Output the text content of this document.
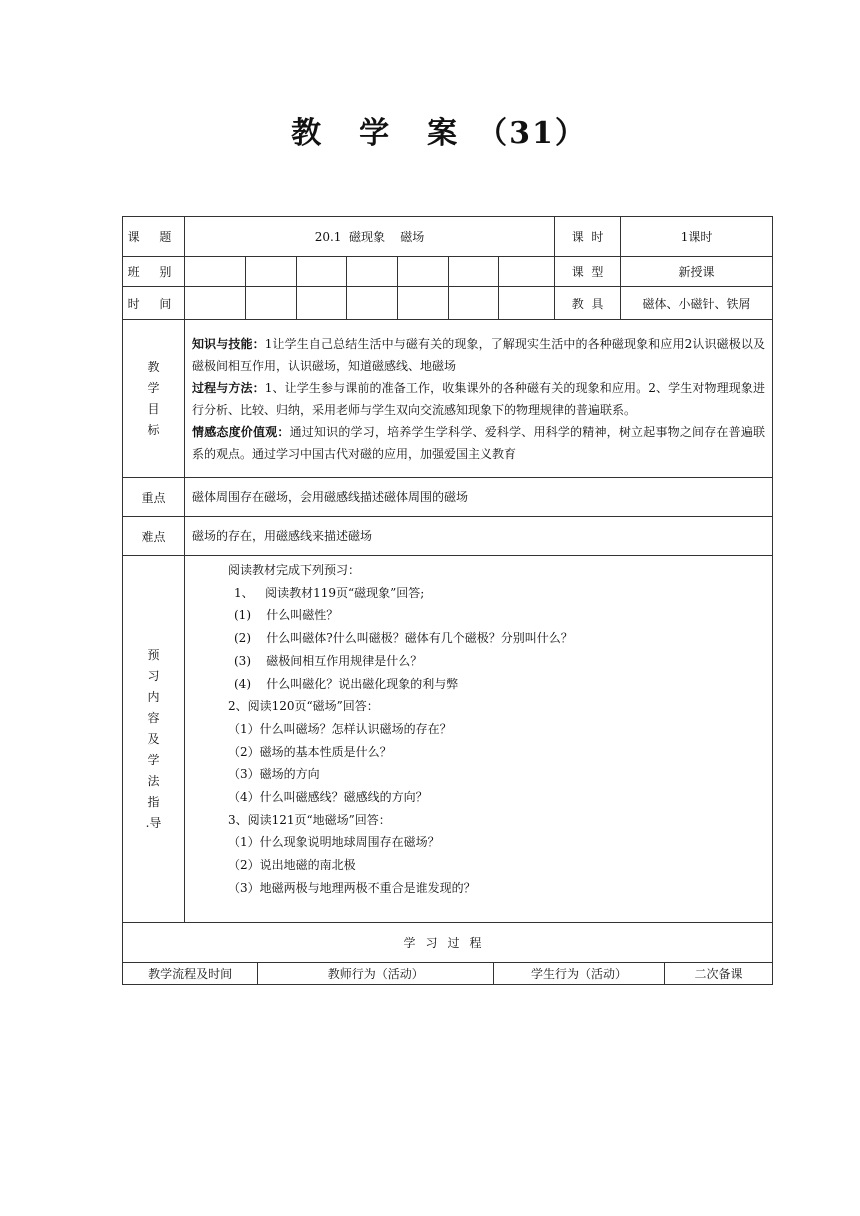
教 学 案 （31）
课 题	20.1  磁现象    磁场	课  时	1课时
班 别								课  型	新授课
时 间								教  具	磁体、小磁针、铁屑

教
学
目
标
	知识与技能：1让学生自己总结生活中与磁有关的现象，了解现实生活中的各种磁现象和应用2认识磁极以及磁极间相互作用，认识磁场，知道磁感线、地磁场
过程与方法：1、让学生参与课前的准备工作，收集课外的各种磁有关的现象和应用。2、学生对物理现象进行分析、比较、归纳，采用老师与学生双向交流感知现象下的物理规律的普遍联系。
情感态度价值观：通过知识的学习，培养学生学科学、爱科学、用科学的精神，树立起事物之间存在普遍联系的观点。通过学习中国古代对磁的应用，加强爱国主义教育
重点	磁体周围存在磁场，会用磁感线描述磁体周围的磁场
难点	磁场的存在，用磁感线来描述磁场

预
习
内
容
及
学
法
指
.导

阅读教材完成下列预习：
1、   阅读教材119页“磁现象”回答;
(1)    什么叫磁性？
(2)    什么叫磁体?什么叫磁极？磁体有几个磁极？分别叫什么？
(3)    磁极间相互作用规律是什么？
(4)    什么叫磁化？说出磁化现象的利与弊
2、阅读120页“磁场”回答：
（1）什么叫磁场？怎样认识磁场的存在？
（2）磁场的基本性质是什么？
（3）磁场的方向
（4）什么叫磁感线？磁感线的方向？
3、阅读121页“地磁场”回答：
（1）什么现象说明地球周围存在磁场？
（2）说出地磁的南北极
（3）地磁两极与地理两极不重合是谁发现的？

学习过程

教学流程及时间	教师行为（活动）	学生行为（活动）	二次备课
